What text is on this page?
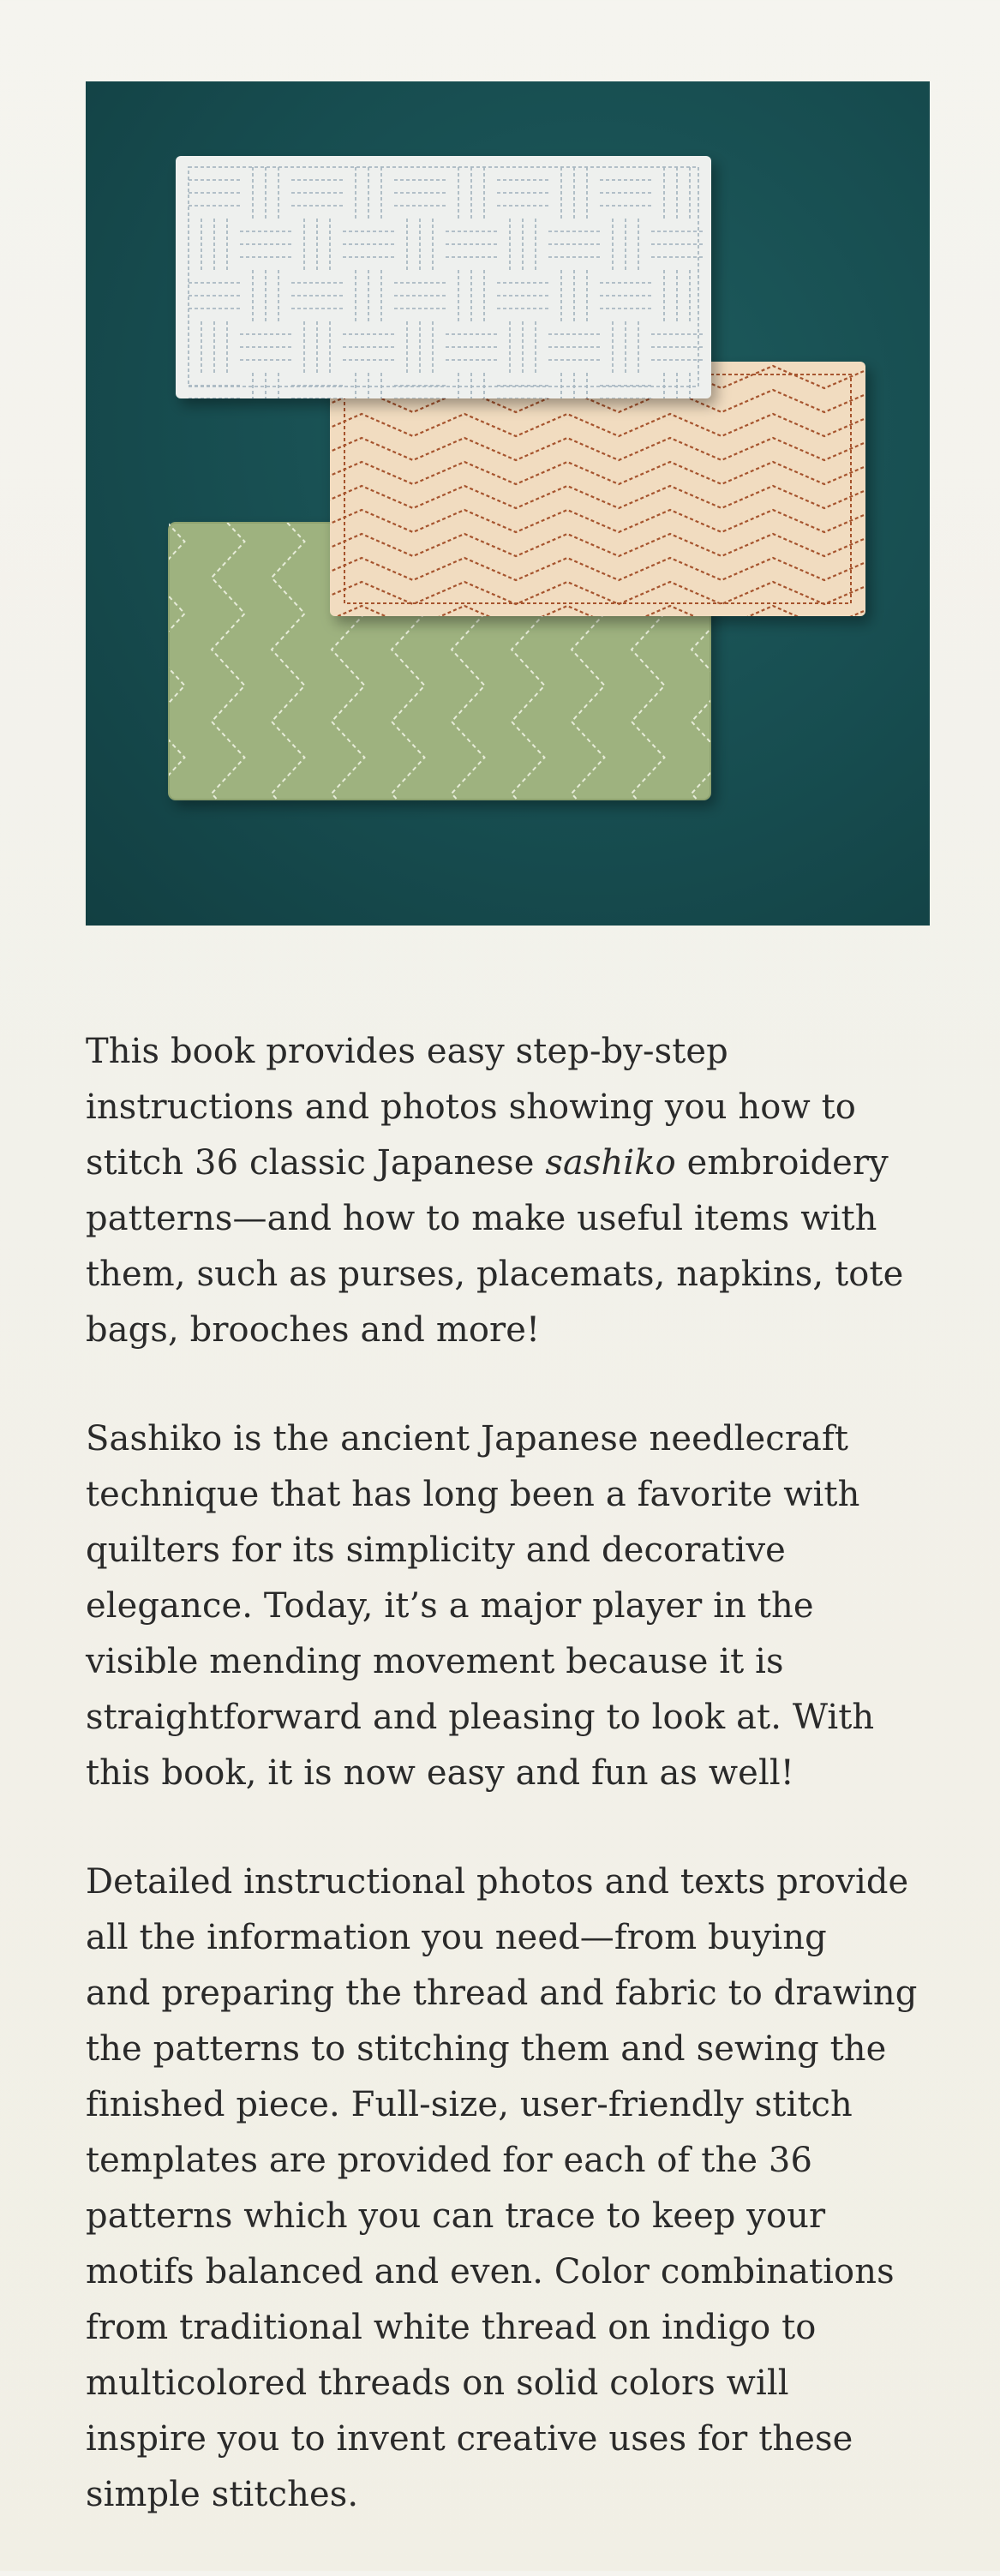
This book provides easy step-by-step
instructions and photos showing you how to
stitch 36 classic Japanese sashiko embroidery
patterns—and how to make useful items with
them, such as purses, placemats, napkins, tote
bags, brooches and more!

Sashiko is the ancient Japanese needlecraft
technique that has long been a favorite with
quilters for its simplicity and decorative
elegance. Today, it’s a major player in the
visible mending movement because it is
straightforward and pleasing to look at. With
this book, it is now easy and fun as well!

Detailed instructional photos and texts provide
all the information you need—from buying
and preparing the thread and fabric to drawing
the patterns to stitching them and sewing the
finished piece. Full-size, user-friendly stitch
templates are provided for each of the 36
patterns which you can trace to keep your
motifs balanced and even. Color combinations
from traditional white thread on indigo to
multicolored threads on solid colors will
inspire you to invent creative uses for these
simple stitches.
